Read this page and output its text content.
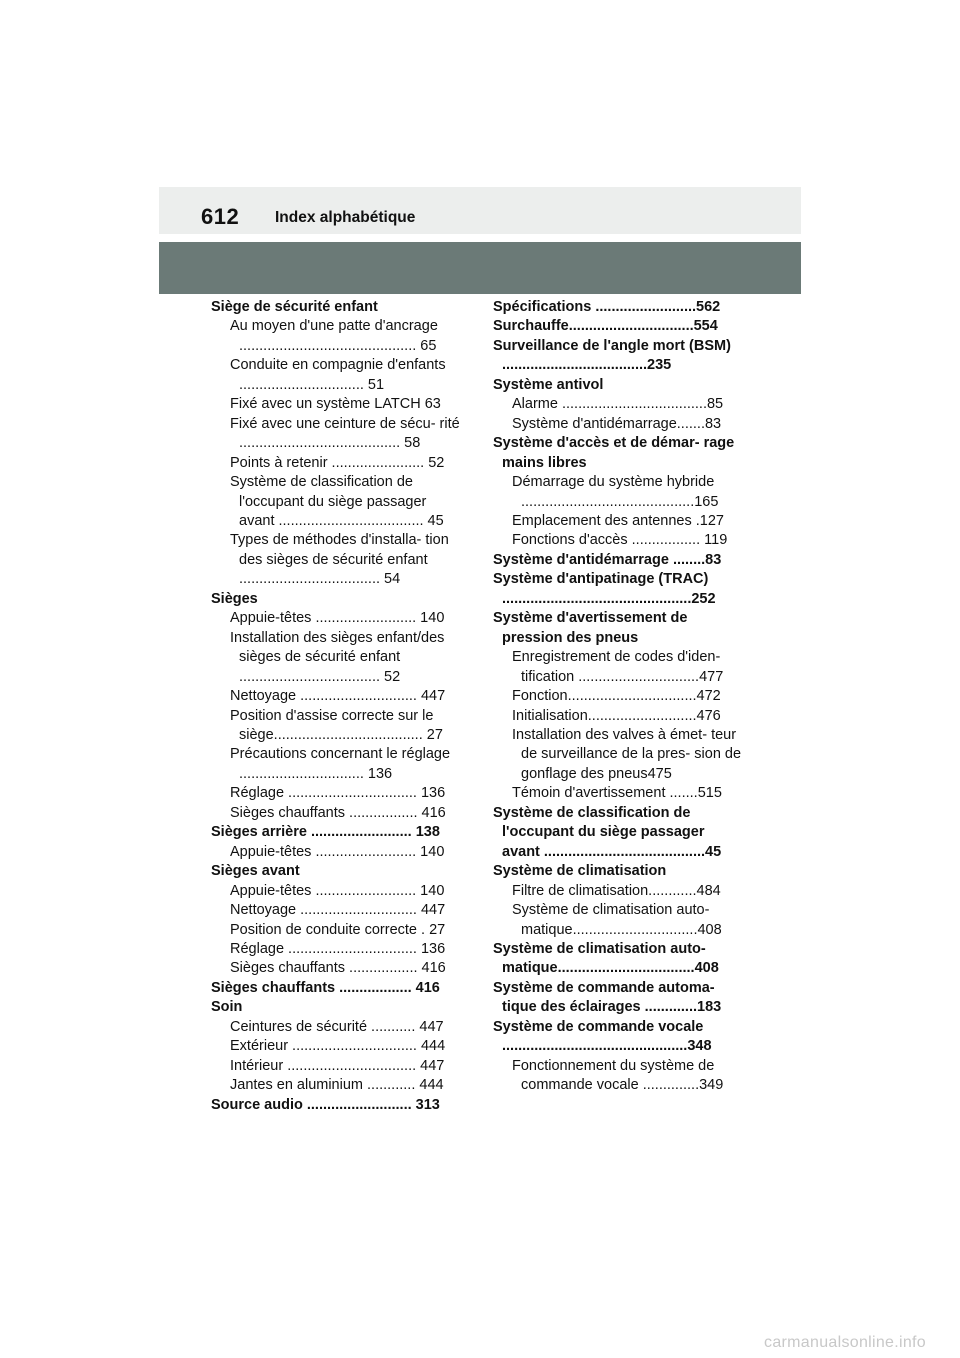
612 Index alphabétique
Siège de sécurité enfant
Au moyen d'une patte d'ancrage ............................................ 65
Conduite en compagnie d'enfants ............................... 51
Fixé avec un système LATCH 63
Fixé avec une ceinture de sécu- rité ........................................ 58
Points à retenir ....................... 52
Système de classification de l'occupant du siège passager avant .................................... 45
Types de méthodes d'installa- tion des sièges de sécurité enfant ................................... 54
Sièges
Appuie-têtes ......................... 140
Installation des sièges enfant/des sièges de sécurité enfant ................................... 52
Nettoyage ............................. 447
Position d'assise correcte sur le siège..................................... 27
Précautions concernant le réglage ............................... 136
Réglage ................................ 136
Sièges chauffants ................. 416
Sièges arrière ......................... 138
Appuie-têtes ......................... 140
Sièges avant
Appuie-têtes ......................... 140
Nettoyage ............................. 447
Position de conduite correcte . 27
Réglage ................................ 136
Sièges chauffants ................. 416
Sièges chauffants .................. 416
Soin
Ceintures de sécurité ........... 447
Extérieur ............................... 444
Intérieur ................................ 447
Jantes en aluminium ............ 444
Source audio .......................... 313
Spécifications .........................562
Surchauffe...............................554
Surveillance de l'angle mort (BSM) ....................................235
Système antivol
Alarme ....................................85
Système d'antidémarrage.......83
Système d'accès et de démar- rage mains libres
Démarrage du système hybride ...........................................165
Emplacement des antennes .127
Fonctions d'accès ................. 119
Système d'antidémarrage ........83
Système d'antipatinage (TRAC) ...............................................252
Système d'avertissement de pression des pneus
Enregistrement de codes d'iden- tification ..............................477
Fonction................................472
Initialisation...........................476
Installation des valves à émet- teur de surveillance de la pres- sion de gonflage des pneus475
Témoin d'avertissement .......515
Système de classification de l'occupant du siège passager avant ........................................45
Système de climatisation
Filtre de climatisation............484
Système de climatisation auto- matique...............................408
Système de climatisation auto- matique..................................408
Système de commande automa- tique des éclairages .............183
Système de commande vocale ..............................................348
Fonctionnement du système de commande vocale ..............349
carmanualsonline.info
